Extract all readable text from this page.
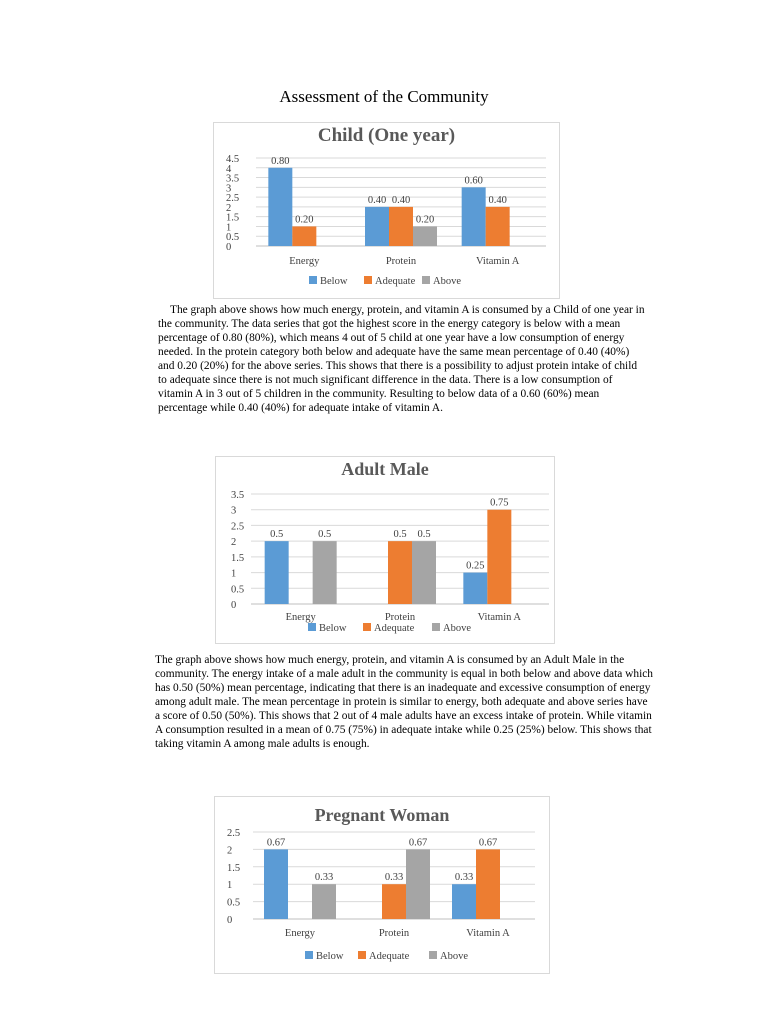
Assessment of the Community
Child (One year)
0
0.5
1
1.5
2
2.5
3
3.5
4
4.5	0.80
0.20
Energy
0.40 0.40
0.20
Protein
0.60
0.40
Vitamin A
Below	Adequate Above

The graph above shows how much energy, protein, and vitamin A is consumed by a Child of one year in the community. The data series that got the highest score in the energy category is below with a mean percentage of 0.80 (80%), which means 4 out of 5 child at one year have a low consumption of energy needed. In the protein category both below and adequate have the same mean percentage of 0.40 (40%) and 0.20 (20%) for the above series. This shows that there is a possibility to adjust protein intake of child to adequate since there is not much significant difference in the data. There is a low consumption of vitamin A in 3 out of 5 children in the community. Resulting to below data of a 0.60 (60%) mean percentage while 0.40 (40%) for adequate intake of vitamin A.

Adult Male
0
0.5
1
1.5
2
2.5
3
3.5
0.5	0.5
Energy
0.5 0.5
Protein
0.25
0.75
Vitamin A
Below	Adequate	Above

The graph above shows how much energy, protein, and vitamin A is consumed by an Adult Male in the community. The energy intake of a male adult in the community is equal in both below and above data which has 0.50 (50%) mean percentage, indicating that there is an inadequate and excessive consumption of energy among adult male. The mean percentage in protein is similar to energy, both adequate and above series have a score of 0.50 (50%). This shows that 2 out of 4 male adults have an excess intake of protein. While vitamin A consumption resulted in a mean of 0.75 (75%) in adequate intake while 0.25 (25%) below. This shows that taking vitamin A among male adults is enough.

Pregnant Woman
0
0.5
1
1.5
2
2.5
0.67
0.33
Energy
0.33
0.67
Protein
0.33
0.67
Vitamin A
Below Adequate	Above
